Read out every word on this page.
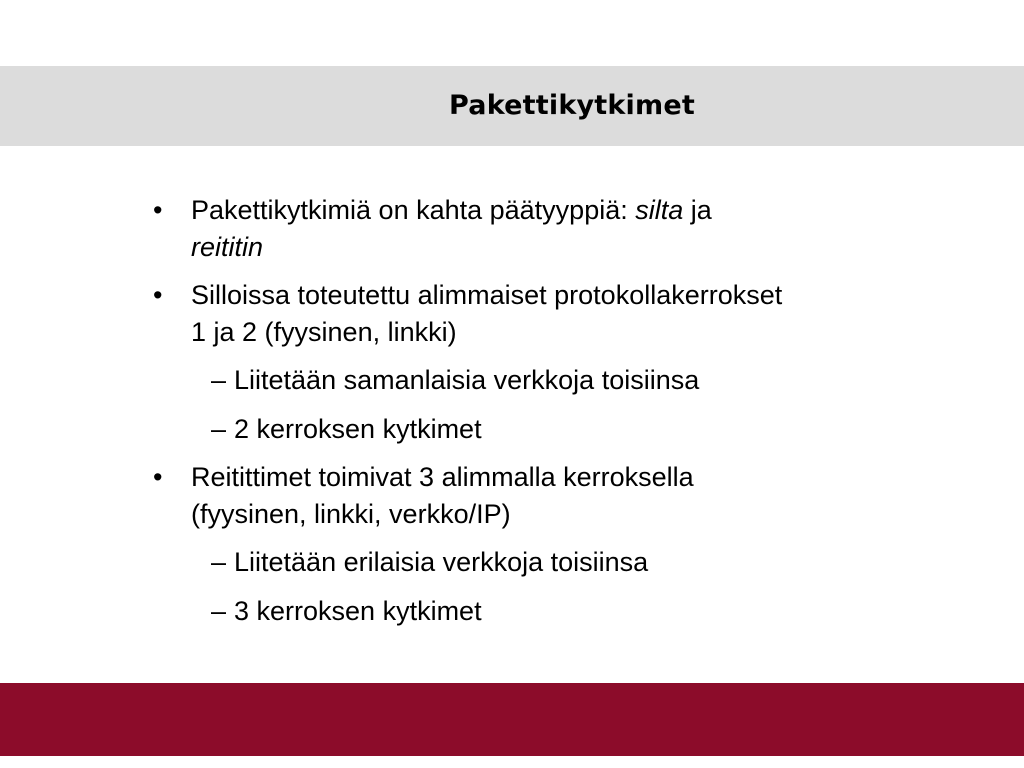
Pakettikytkimet
• Pakettikytkimiä on kahta päätyyppiä: silta ja
reititin
• Silloissa toteutettu alimmaiset protokollakerrokset
1 ja 2 (fyysinen, linkki)
– Liitetään samanlaisia verkkoja toisiinsa
– 2 kerroksen kytkimet
• Reitittimet toimivat 3 alimmalla kerroksella
(fyysinen, linkki, verkko/IP)
– Liitetään erilaisia verkkoja toisiinsa
– 3 kerroksen kytkimet
